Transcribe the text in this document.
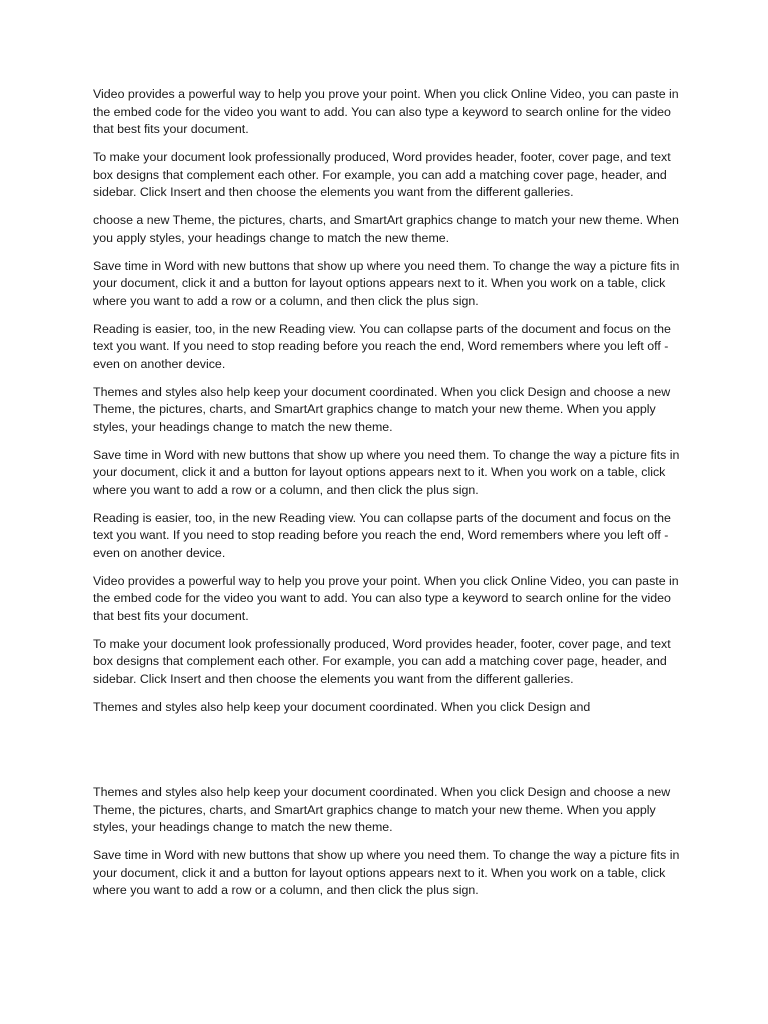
Video provides a powerful way to help you prove your point. When you click Online Video, you can paste in the embed code for the video you want to add. You can also type a keyword to search online for the video that best fits your document.

To make your document look professionally produced, Word provides header, footer, cover page, and text box designs that complement each other. For example, you can add a matching cover page, header, and sidebar. Click Insert and then choose the elements you want from the different galleries.

choose a new Theme, the pictures, charts, and SmartArt graphics change to match your new theme. When you apply styles, your headings change to match the new theme.

Save time in Word with new buttons that show up where you need them. To change the way a picture fits in your document, click it and a button for layout options appears next to it. When you work on a table, click where you want to add a row or a column, and then click the plus sign.

Reading is easier, too, in the new Reading view. You can collapse parts of the document and focus on the text you want. If you need to stop reading before you reach the end, Word remembers where you left off - even on another device.

Themes and styles also help keep your document coordinated. When you click Design and choose a new Theme, the pictures, charts, and SmartArt graphics change to match your new theme. When you apply styles, your headings change to match the new theme.

Save time in Word with new buttons that show up where you need them. To change the way a picture fits in your document, click it and a button for layout options appears next to it. When you work on a table, click where you want to add a row or a column, and then click the plus sign.

Reading is easier, too, in the new Reading view. You can collapse parts of the document and focus on the text you want. If you need to stop reading before you reach the end, Word remembers where you left off - even on another device.

Video provides a powerful way to help you prove your point. When you click Online Video, you can paste in the embed code for the video you want to add. You can also type a keyword to search online for the video that best fits your document.

To make your document look professionally produced, Word provides header, footer, cover page, and text box designs that complement each other. For example, you can add a matching cover page, header, and sidebar. Click Insert and then choose the elements you want from the different galleries.

Themes and styles also help keep your document coordinated. When you click Design and

Themes and styles also help keep your document coordinated. When you click Design and choose a new Theme, the pictures, charts, and SmartArt graphics change to match your new theme. When you apply styles, your headings change to match the new theme.

Save time in Word with new buttons that show up where you need them. To change the way a picture fits in your document, click it and a button for layout options appears next to it. When you work on a table, click where you want to add a row or a column, and then click the plus sign.
